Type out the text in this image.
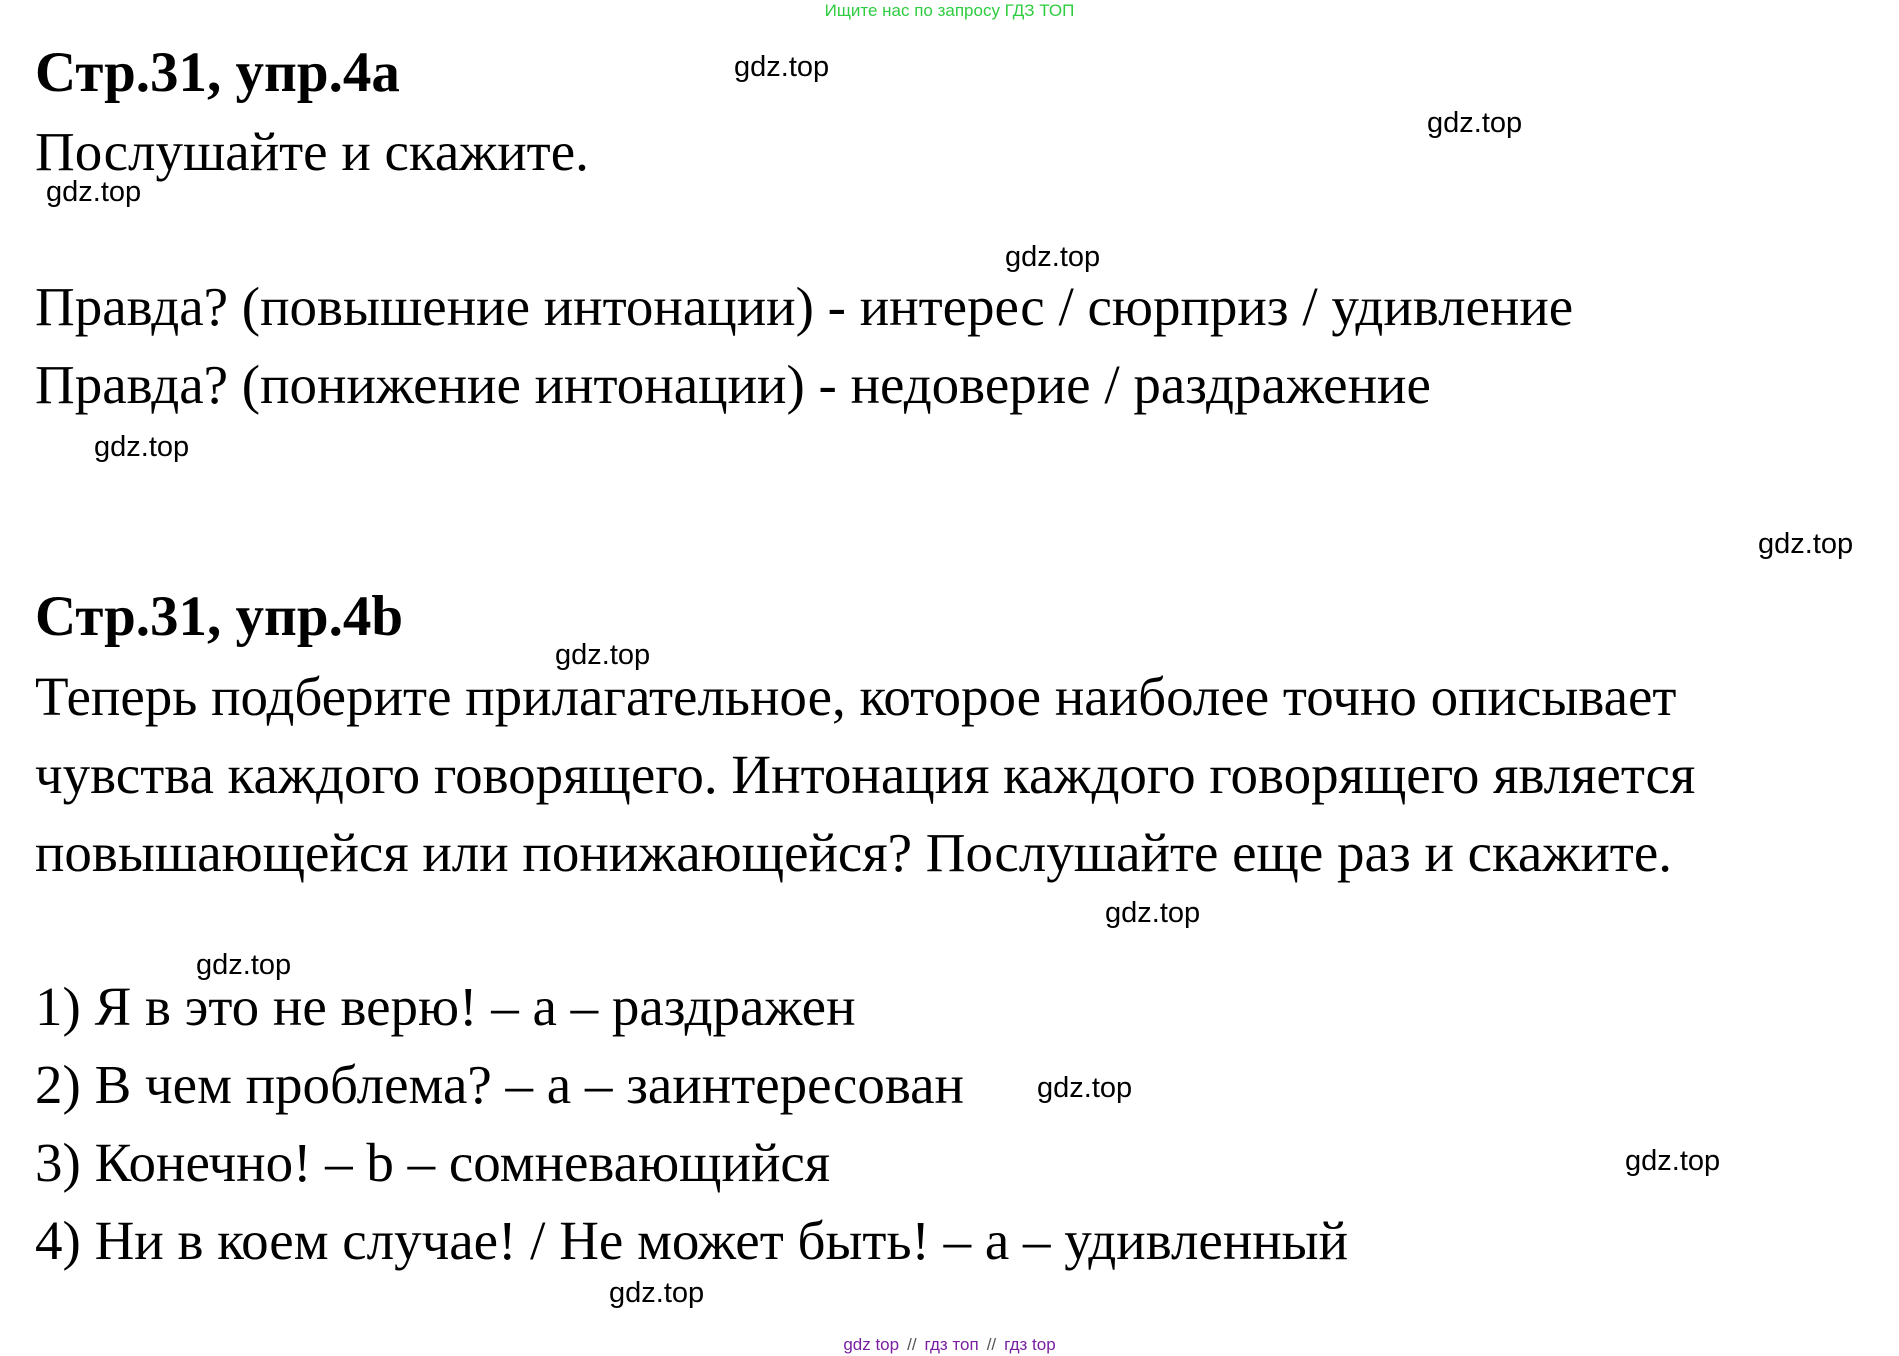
Ищите нас по запросу ГДЗ ТОП
Стр.31, упр.4a
Послушайте и скажите.
Правда? (повышение интонации) - интерес / сюрприз / удивление
Правда? (понижение интонации) - недоверие / раздражение
Стр.31, упр.4b
Теперь подберите прилагательное, которое наиболее точно описывает
чувства каждого говорящего. Интонация каждого говорящего является
повышающейся или понижающейся? Послушайте еще раз и скажите.
1) Я в это не верю! – a – раздражен
2) В чем проблема? – a – заинтересован
3) Конечно! – b – сомневающийся
4) Ни в коем случае! / Не может быть! – a – удивленный
gdz.top
gdz.top
gdz.top
gdz.top
gdz.top
gdz.top
gdz.top
gdz.top
gdz.top
gdz.top
gdz.top
gdz.top
gdz top // гдз топ // гдз top
